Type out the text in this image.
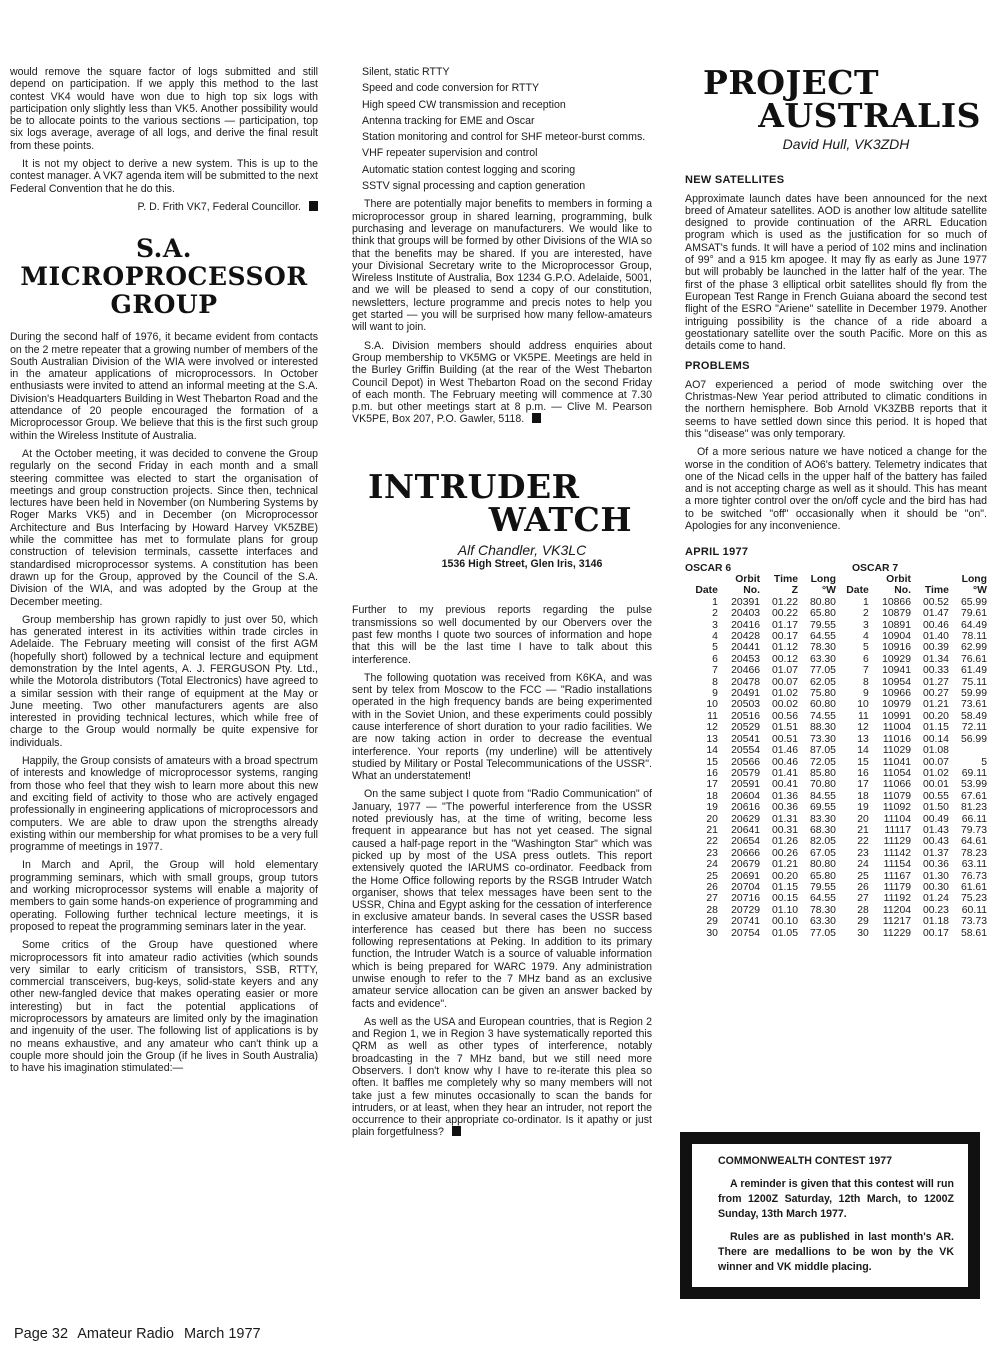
would remove the square factor of logs submitted and still depend on participation. If we apply this method to the last contest VK4 would have won due to high top six logs with participation only slightly less than VK5. Another possibility would be to allocate points to the various sections — participation, top six logs average, average of all logs, and derive the final result from these points.

It is not my object to derive a new system. This is up to the contest manager. A VK7 agenda item will be submitted to the next Federal Convention that he do this.

P. D. Frith VK7, Federal Councillor.

S.A.
MICROPROCESSOR
GROUP

During the second half of 1976, it became evident from contacts on the 2 metre repeater that a growing number of members of the South Australian Division of the WIA were involved or interested in the amateur applications of microprocessors. In October enthusiasts were invited to attend an informal meeting at the S.A. Division's Headquarters Building in West Thebarton Road and the attendance of 20 people encouraged the formation of a Microprocessor Group. We believe that this is the first such group within the Wireless Institute of Australia.

At the October meeting, it was decided to convene the Group regularly on the second Friday in each month and a small steering committee was elected to start the organisation of meetings and group construction projects. Since then, technical lectures have been held in November (on Numbering Systems by Roger Marks VK5) and in December (on Microprocessor Architecture and Bus Interfacing by Howard Harvey VK5ZBE) while the committee has met to formulate plans for group construction of television terminals, cassette interfaces and standardised microprocessor systems. A constitution has been drawn up for the Group, approved by the Council of the S.A. Division of the WIA, and was adopted by the Group at the December meeting.

Group membership has grown rapidly to just over 50, which has generated interest in its activities within trade circles in Adelaide. The February meeting will consist of the first AGM (hopefully short) followed by a technical lecture and equipment demonstration by the Intel agents, A. J. FERGUSON Pty. Ltd., while the Motorola distributors (Total Electronics) have agreed to a similar session with their range of equipment at the May or June meeting. Two other manufacturers agents are also interested in providing technical lectures, which while free of charge to the Group would normally be quite expensive for individuals.

Happily, the Group consists of amateurs with a broad spectrum of interests and knowledge of microprocessor systems, ranging from those who feel that they wish to learn more about this new and exciting field of activity to those who are actively engaged professionally in engineering applications of microprocessors and computers. We are able to draw upon the strengths already existing within our membership for what promises to be a very full programme of meetings in 1977.

In March and April, the Group will hold elementary programming seminars, which with small groups, group tutors and working microprocessor systems will enable a majority of members to gain some hands-on experience of programming and operating. Following further technical lecture meetings, it is proposed to repeat the programming seminars later in the year.

Some critics of the Group have questioned where microprocessors fit into amateur radio activities (which sounds very similar to early criticism of transistors, SSB, RTTY, commercial transceivers, bug-keys, solid-state keyers and any other new-fangled device that makes operating easier or more interesting) but in fact the potential applications of microprocessors by amateurs are limited only by the imagination and ingenuity of the user. The following list of applications is by no means exhaustive, and any amateur who can't think up a couple more should join the Group (if he lives in South Australia) to have his imagination stimulated:—

Silent, static RTTY
Speed and code conversion for RTTY
High speed CW transmission and reception
Antenna tracking for EME and Oscar
Station monitoring and control for SHF meteor-burst comms.
VHF repeater supervision and control
Automatic station contest logging and scoring
SSTV signal processing and caption generation

There are potentially major benefits to members in forming a microprocessor group in shared learning, programming, bulk purchasing and leverage on manufacturers. We would like to think that groups will be formed by other Divisions of the WIA so that the benefits may be shared. If you are interested, have your Divisional Secretary write to the Microprocessor Group, Wireless Institute of Australia, Box 1234 G.P.O. Adelaide, 5001, and we will be pleased to send a copy of our constitution, newsletters, lecture programme and precis notes to help you get started — you will be surprised how many fellow-amateurs will want to join.

S.A. Division members should address enquiries about Group membership to VK5MG or VK5PE. Meetings are held in the Burley Griffin Building (at the rear of the West Thebarton Council Depot) in West Thebarton Road on the second Friday of each month. The February meeting will commence at 7.30 p.m. but other meetings start at 8 p.m. — Clive M. Pearson VK5PE, Box 207, P.O. Gawler, 5118.

INTRUDER
WATCH
Alf Chandler, VK3LC
1536 High Street, Glen Iris, 3146

Further to my previous reports regarding the pulse transmissions so well documented by our Obervers over the past few months I quote two sources of information and hope that this will be the last time I have to talk about this interference.

The following quotation was received from K6KA, and was sent by telex from Moscow to the FCC — "Radio installations operated in the high frequency bands are being experimented with in the Soviet Union, and these experiments could possibly cause interference of short duration to your radio facilities. We are now taking action in order to decrease the eventual interference. Your reports (my underline) will be attentively studied by Military or Postal Telecommunications of the USSR". What an understatement!

On the same subject I quote from "Radio Communication" of January, 1977 — "The powerful interference from the USSR noted previously has, at the time of writing, become less frequent in appearance but has not yet ceased. The signal caused a half-page report in the "Washington Star" which was picked up by most of the USA press outlets. This report extensively quoted the IARUMS co-ordinator. Feedback from the Home Office following reports by the RSGB Intruder Watch organiser, shows that telex messages have been sent to the USSR, China and Egypt asking for the cessation of interference in exclusive amateur bands. In several cases the USSR based interference has ceased but there has been no success following representations at Peking. In addition to its primary function, the Intruder Watch is a source of valuable information which is being prepared for WARC 1979. Any administration unwise enough to refer to the 7 MHz band as an exclusive amateur service allocation can be given an answer backed by facts and evidence".

As well as the USA and European countries, that is Region 2 and Region 1, we in Region 3 have systematically reported this QRM as well as other types of interference, notably broadcasting in the 7 MHz band, but we still need more Observers. I don't know why I have to re-iterate this plea so often. It baffles me completely why so many members will not take just a few minutes occasionally to scan the bands for intruders, or at least, when they hear an intruder, not report the occurrence to their appropriate co-ordinator. Is it apathy or just plain forgetfulness?

PROJECT
AUSTRALIS
David Hull, VK3ZDH
NEW SATELLITES

Approximate launch dates have been announced for the next breed of Amateur satellites. AOD is another low altitude satellite designed to provide continuation of the ARRL Education program which is used as the justification for so much of AMSAT's funds. It will have a period of 102 mins and inclination of 99° and a 915 km apogee. It may fly as early as June 1977 but will probably be launched in the latter half of the year. The first of the phase 3 elliptical orbit satellites should fly from the European Test Range in French Guiana aboard the second test flight of the ESRO "Ariene" satellite in December 1979. Another intriguing possibility is the chance of a ride aboard a geostationary satellite over the south Pacific. More on this as details come to hand.

PROBLEMS

AO7 experienced a period of mode switching over the Christmas-New Year period attributed to climatic conditions in the northern hemisphere. Bob Arnold VK3ZBB reports that it seems to have settled down since this period. It is hoped that this "disease" was only temporary.

Of a more serious nature we have noticed a change for the worse in the condition of AO6's battery. Telemetry indicates that one of the Nicad cells in the upper half of the battery has failed and is not accepting charge as well as it should. This has meant a more tighter control over the on/off cycle and the bird has had to be switched "off" occasionally when it should be "on". Apologies for any inconvenience.

APRIL 1977
OSCAR 6				OSCAR 7			
	Orbit	Time	Long		Orbit		Long
Date	No.	Z	°W	Date	No.	Time	°W
1	20391	01.22	80.80	1	10866	00.52	65.99
2	20403	00.22	65.80	2	10879	01.47	79.61
3	20416	01.17	79.55	3	10891	00.46	64.49
4	20428	00.17	64.55	4	10904	01.40	78.11
5	20441	01.12	78.30	5	10916	00.39	62.99
6	20453	00.12	63.30	6	10929	01.34	76.61
7	20466	01.07	77.05	7	10941	00.33	61.49
8	20478	00.07	62.05	8	10954	01.27	75.11
9	20491	01.02	75.80	9	10966	00.27	59.99
10	20503	00.02	60.80	10	10979	01.21	73.61
11	20516	00.56	74.55	11	10991	00.20	58.49
12	20529	01.51	88.30	12	11004	01.15	72.11
13	20541	00.51	73.30	13	11016	00.14	56.99
14	20554	01.46	87.05	14	11029	01.08	
15	20566	00.46	72.05	15	11041	00.07	5
16	20579	01.41	85.80	16	11054	01.02	69.11
17	20591	00.41	70.80	17	11066	00.01	53.99
18	20604	01.36	84.55	18	11079	00.55	67.61
19	20616	00.36	69.55	19	11092	01.50	81.23
20	20629	01.31	83.30	20	11104	00.49	66.11
21	20641	00.31	68.30	21	11117	01.43	79.73
22	20654	01.26	82.05	22	11129	00.43	64.61
23	20666	00.26	67.05	23	11142	01.37	78.23
24	20679	01.21	80.80	24	11154	00.36	63.11
25	20691	00.20	65.80	25	11167	01.30	76.73
26	20704	01.15	79.55	26	11179	00.30	61.61
27	20716	00.15	64.55	27	11192	01.24	75.23
28	20729	01.10	78.30	28	11204	00.23	60.11
29	20741	00.10	63.30	29	11217	01.18	73.73
30	20754	01.05	77.05	30	11229	00.17	58.61
COMMONWEALTH CONTEST 1977
A reminder is given that this contest will run from 1200Z Saturday, 12th March, to 1200Z Sunday, 13th March 1977.
Rules are as published in last month's AR. There are medallions to be won by the VK winner and VK middle placing.
Page 32 Amateur Radio March 1977
